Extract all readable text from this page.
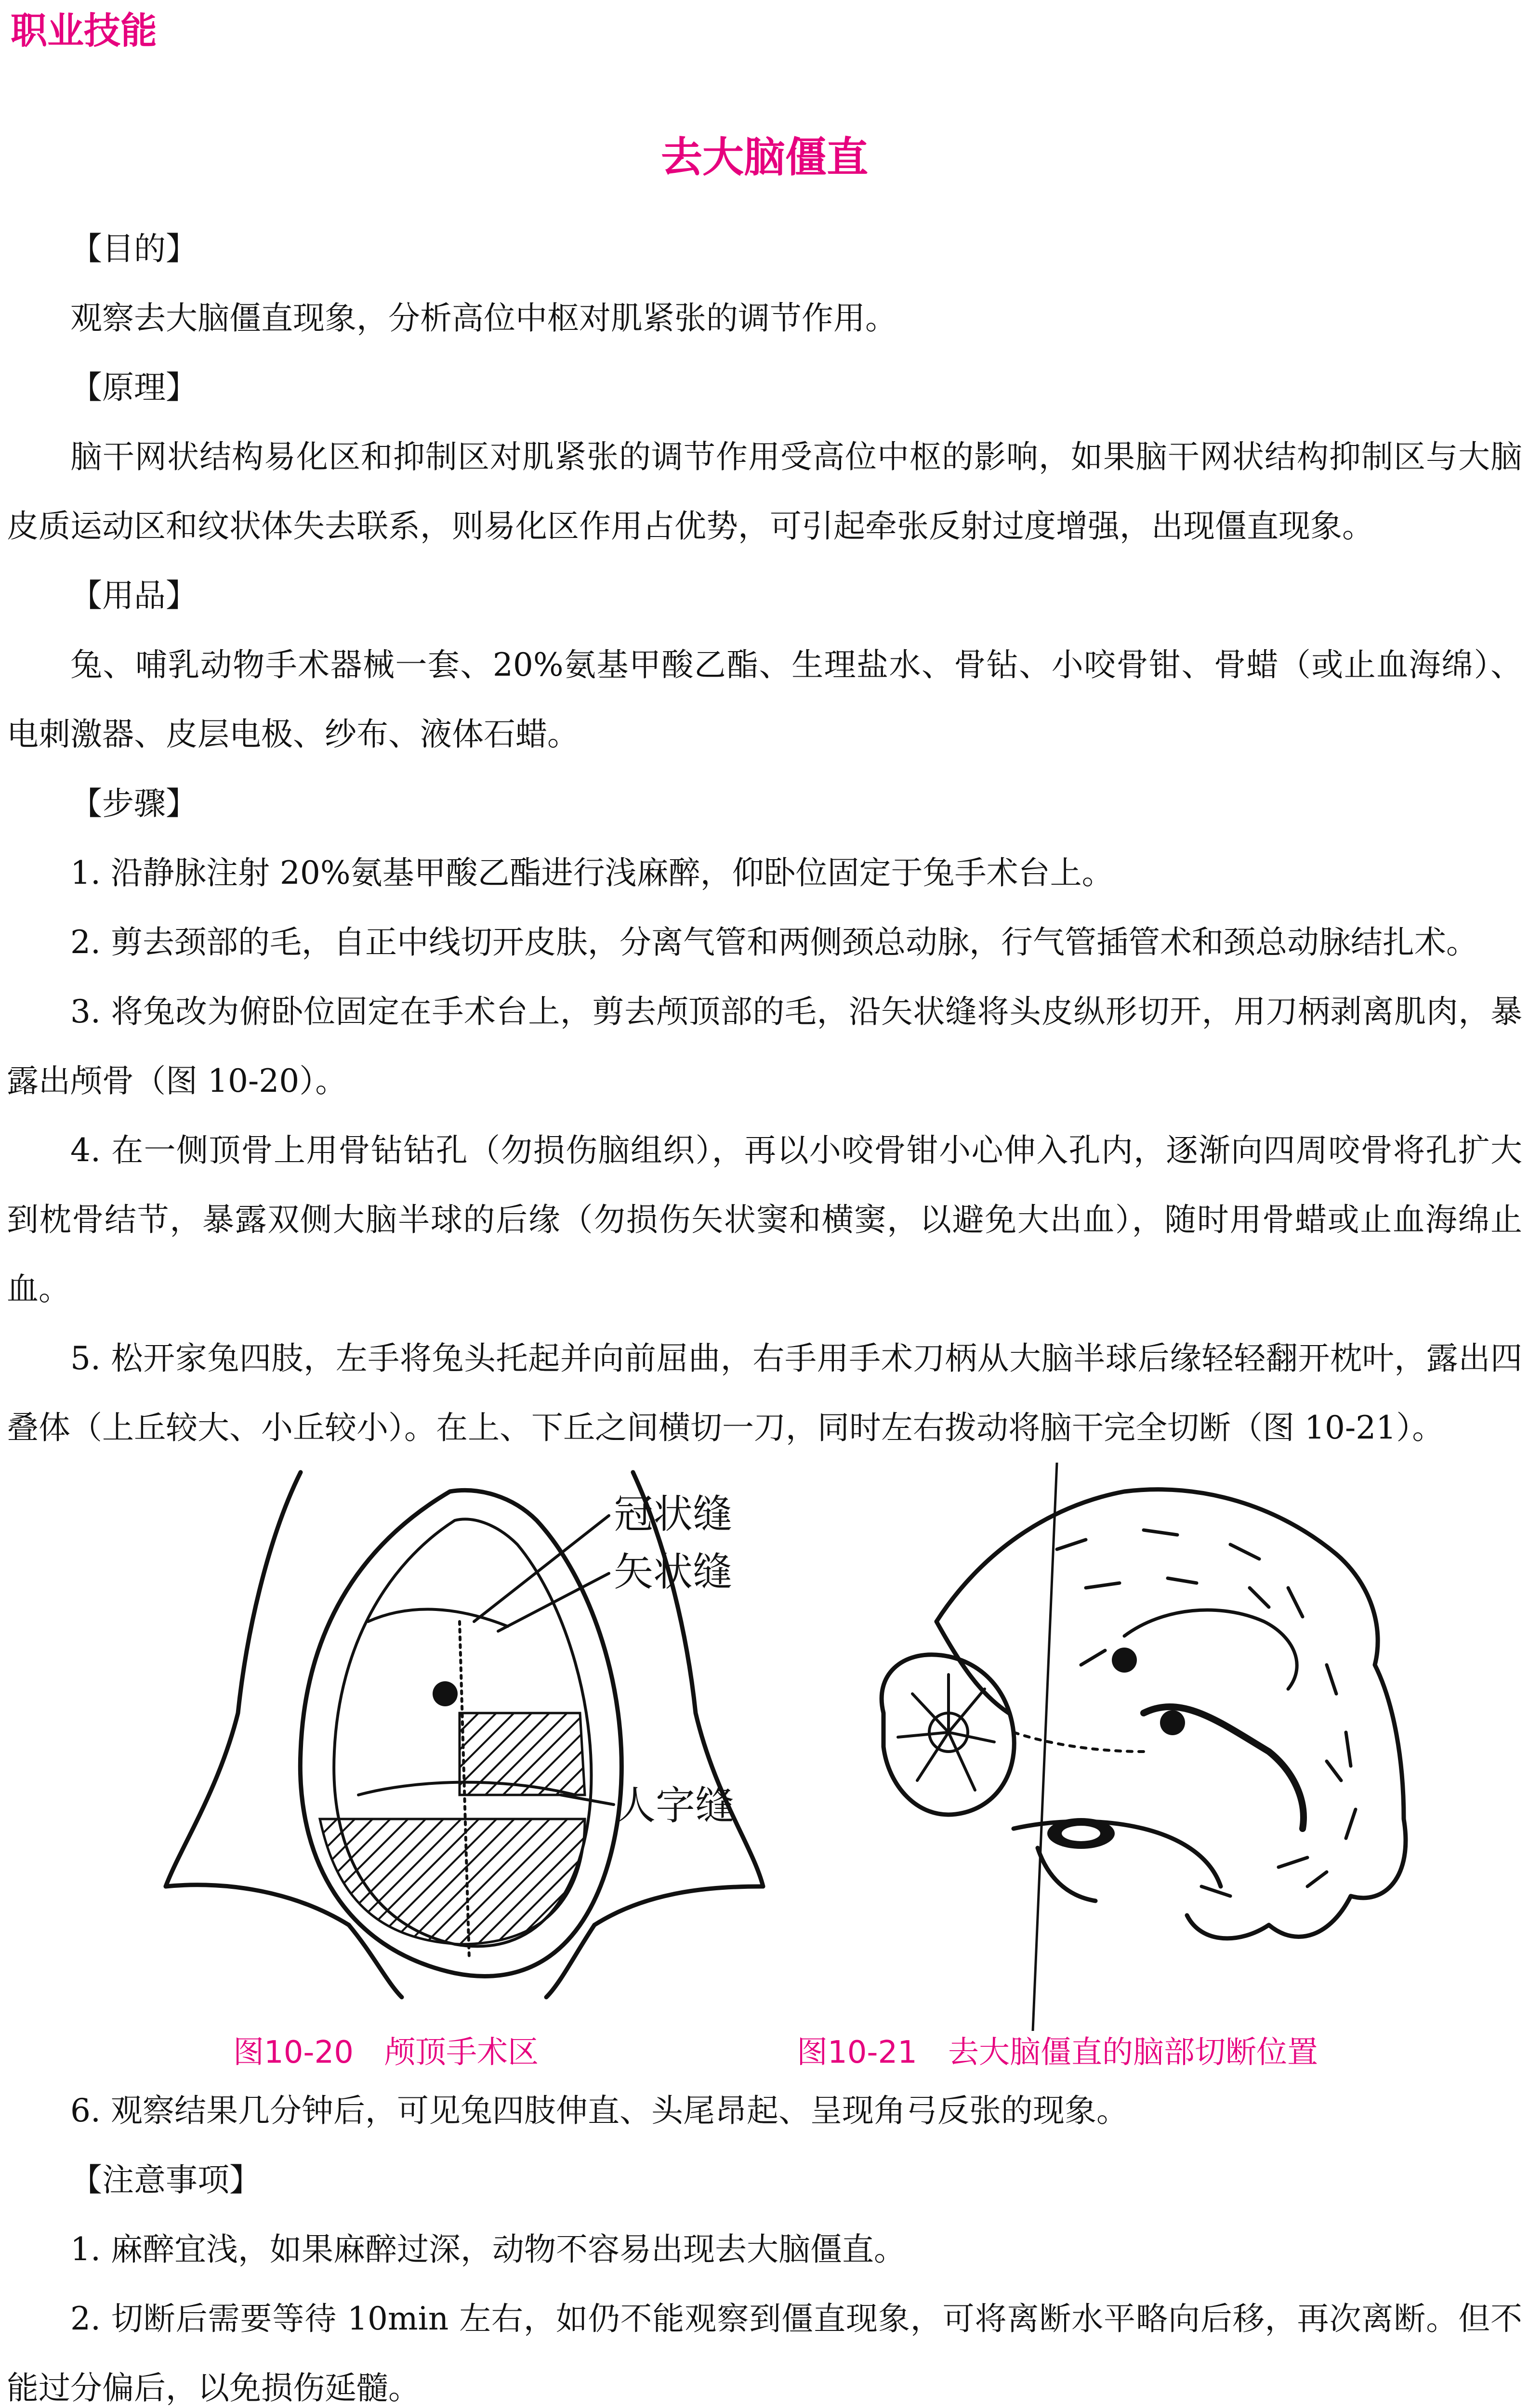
职业技能
去大脑僵直

【目的】

观察去大脑僵直现象，分析高位中枢对肌紧张的调节作用。

【原理】

脑干网状结构易化区和抑制区对肌紧张的调节作用受高位中枢的影响，如果脑干网状结构抑制区与大脑皮质运动区和纹状体失去联系，则易化区作用占优势，可引起牵张反射过度增强，出现僵直现象。

【用品】

兔、哺乳动物手术器械一套、20%氨基甲酸乙酯、生理盐水、骨钻、小咬骨钳、骨蜡（或止血海绵）、电刺激器、皮层电极、纱布、液体石蜡。

【步骤】

1. 沿静脉注射 20%氨基甲酸乙酯进行浅麻醉，仰卧位固定于兔手术台上。

2. 剪去颈部的毛，自正中线切开皮肤，分离气管和两侧颈总动脉，行气管插管术和颈总动脉结扎术。

3. 将兔改为俯卧位固定在手术台上，剪去颅顶部的毛，沿矢状缝将头皮纵形切开，用刀柄剥离肌肉，暴露出颅骨（图 10-20）。

4. 在一侧顶骨上用骨钻钻孔（勿损伤脑组织），再以小咬骨钳小心伸入孔内，逐渐向四周咬骨将孔扩大到枕骨结节，暴露双侧大脑半球的后缘（勿损伤矢状窦和横窦，以避免大出血），随时用骨蜡或止血海绵止血。

5. 松开家兔四肢，左手将兔头托起并向前屈曲，右手用手术刀柄从大脑半球后缘轻轻翻开枕叶，露出四叠体（上丘较大、小丘较小）。在上、下丘之间横切一刀，同时左右拨动将脑干完全切断（图 10-21）。

冠状缝
矢状缝
人字缝
图10-20　颅顶手术区	图10-21　去大脑僵直的脑部切断位置

6. 观察结果几分钟后，可见兔四肢伸直、头尾昂起、呈现角弓反张的现象。

【注意事项】

1. 麻醉宜浅，如果麻醉过深，动物不容易出现去大脑僵直。

2. 切断后需要等待 10min 左右，如仍不能观察到僵直现象，可将离断水平略向后移，再次离断。但不能过分偏后，以免损伤延髓。
